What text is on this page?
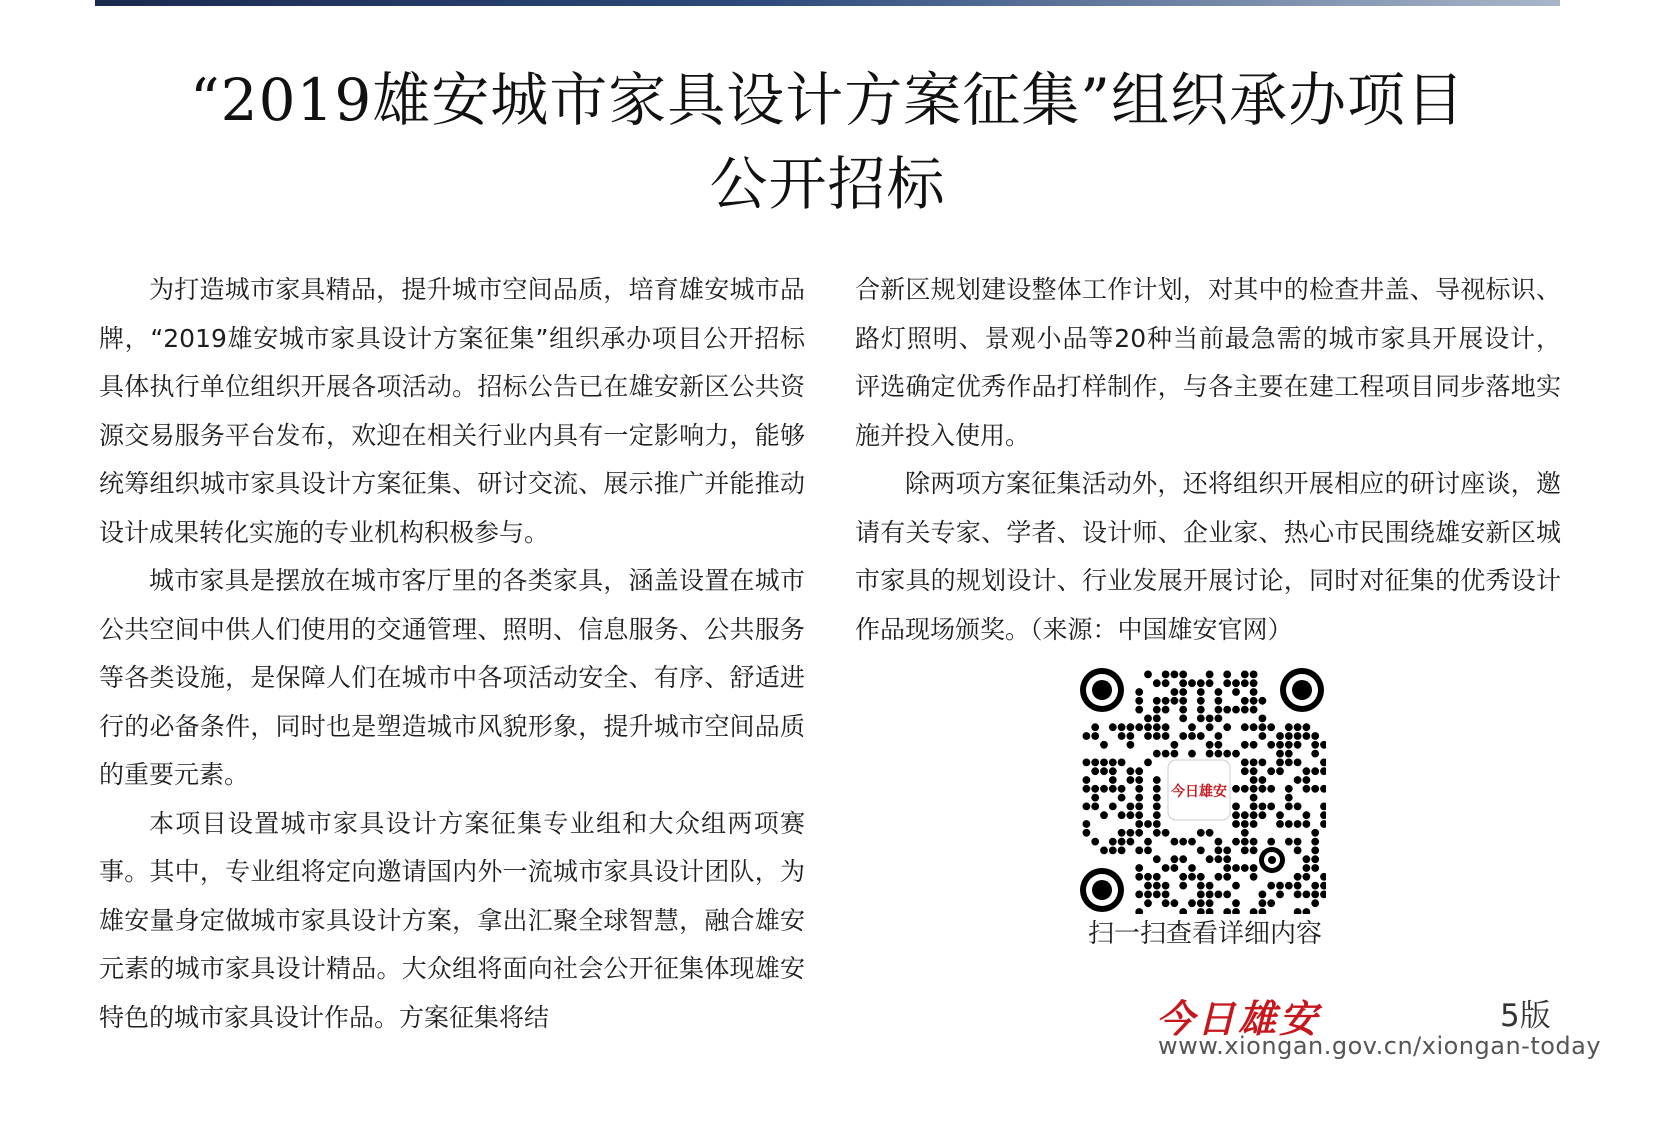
“2019雄安城市家具设计方案征集”组织承办项目
公开招标

为打造城市家具精品，提升城市空间品质，培育雄安城市品牌，“2019雄安城市家具设计方案征集”组织承办项目公开招标具体执行单位组织开展各项活动。招标公告已在雄安新区公共资源交易服务平台发布，欢迎在相关行业内具有一定影响力，能够统筹组织城市家具设计方案征集、研讨交流、展示推广并能推动设计成果转化实施的专业机构积极参与。

城市家具是摆放在城市客厅里的各类家具，涵盖设置在城市公共空间中供人们使用的交通管理、照明、信息服务、公共服务等各类设施，是保障人们在城市中各项活动安全、有序、舒适进行的必备条件，同时也是塑造城市风貌形象，提升城市空间品质的重要元素。

本项目设置城市家具设计方案征集专业组和大众组两项赛事。其中，专业组将定向邀请国内外一流城市家具设计团队，为雄安量身定做城市家具设计方案，拿出汇聚全球智慧，融合雄安元素的城市家具设计精品。大众组将面向社会公开征集体现雄安特色的城市家具设计作品。方案征集将结

合新区规划建设整体工作计划，对其中的检查井盖、导视标识、路灯照明、景观小品等20种当前最急需的城市家具开展设计，评选确定优秀作品打样制作，与各主要在建工程项目同步落地实施并投入使用。

除两项方案征集活动外，还将组织开展相应的研讨座谈，邀请有关专家、学者、设计师、企业家、热心市民围绕雄安新区城市家具的规划设计、行业发展开展讨论，同时对征集的优秀设计作品现场颁奖。（来源：中国雄安官网）

今日雄安
扫一扫查看详细内容
今日雄安	5版
www.xiongan.gov.cn/xiongan-today
